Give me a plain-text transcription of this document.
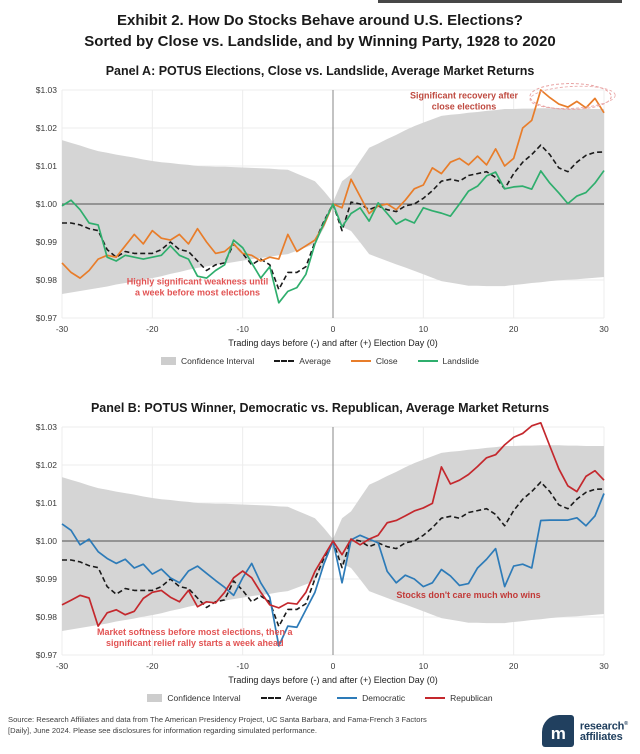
Exhibit 2. How Do Stocks Behave around U.S. Elections?
Sorted by Close vs. Landslide, and by Winning Party, 1928 to 2020
Panel A: POTUS Elections, Close vs. Landslide, Average Market Returns
$0.97
$0.98
$0.99
$1.00
$1.01
$1.02
$1.03
-30	-20	-10	0	10	20	30
Significant recovery after close elections
Highly significant weakness until a week before most elections
Trading days before (-) and after (+) Election Day (0)
Confidence Interval	Average	Close	Landslide
Panel B: POTUS Winner, Democratic vs. Republican, Average Market Returns
$0.97
$0.98
$0.99
$1.00
$1.01
$1.02
$1.03
-30	-20	-10	0	10	20	30
Market softness before most elections, then a significant relief rally starts a week ahead
Stocks don't care much who wins
Trading days before (-) and after (+) Election Day (0)
Confidence Interval	Average	Democratic	Republican
Source: Research Affiliates and data from The American Presidency Project, UC Santa Barbara, and Fama-French 3 Factors
[Daily], June 2024. Please see disclosures for information regarding simulated performance.	m research®
affiliates
